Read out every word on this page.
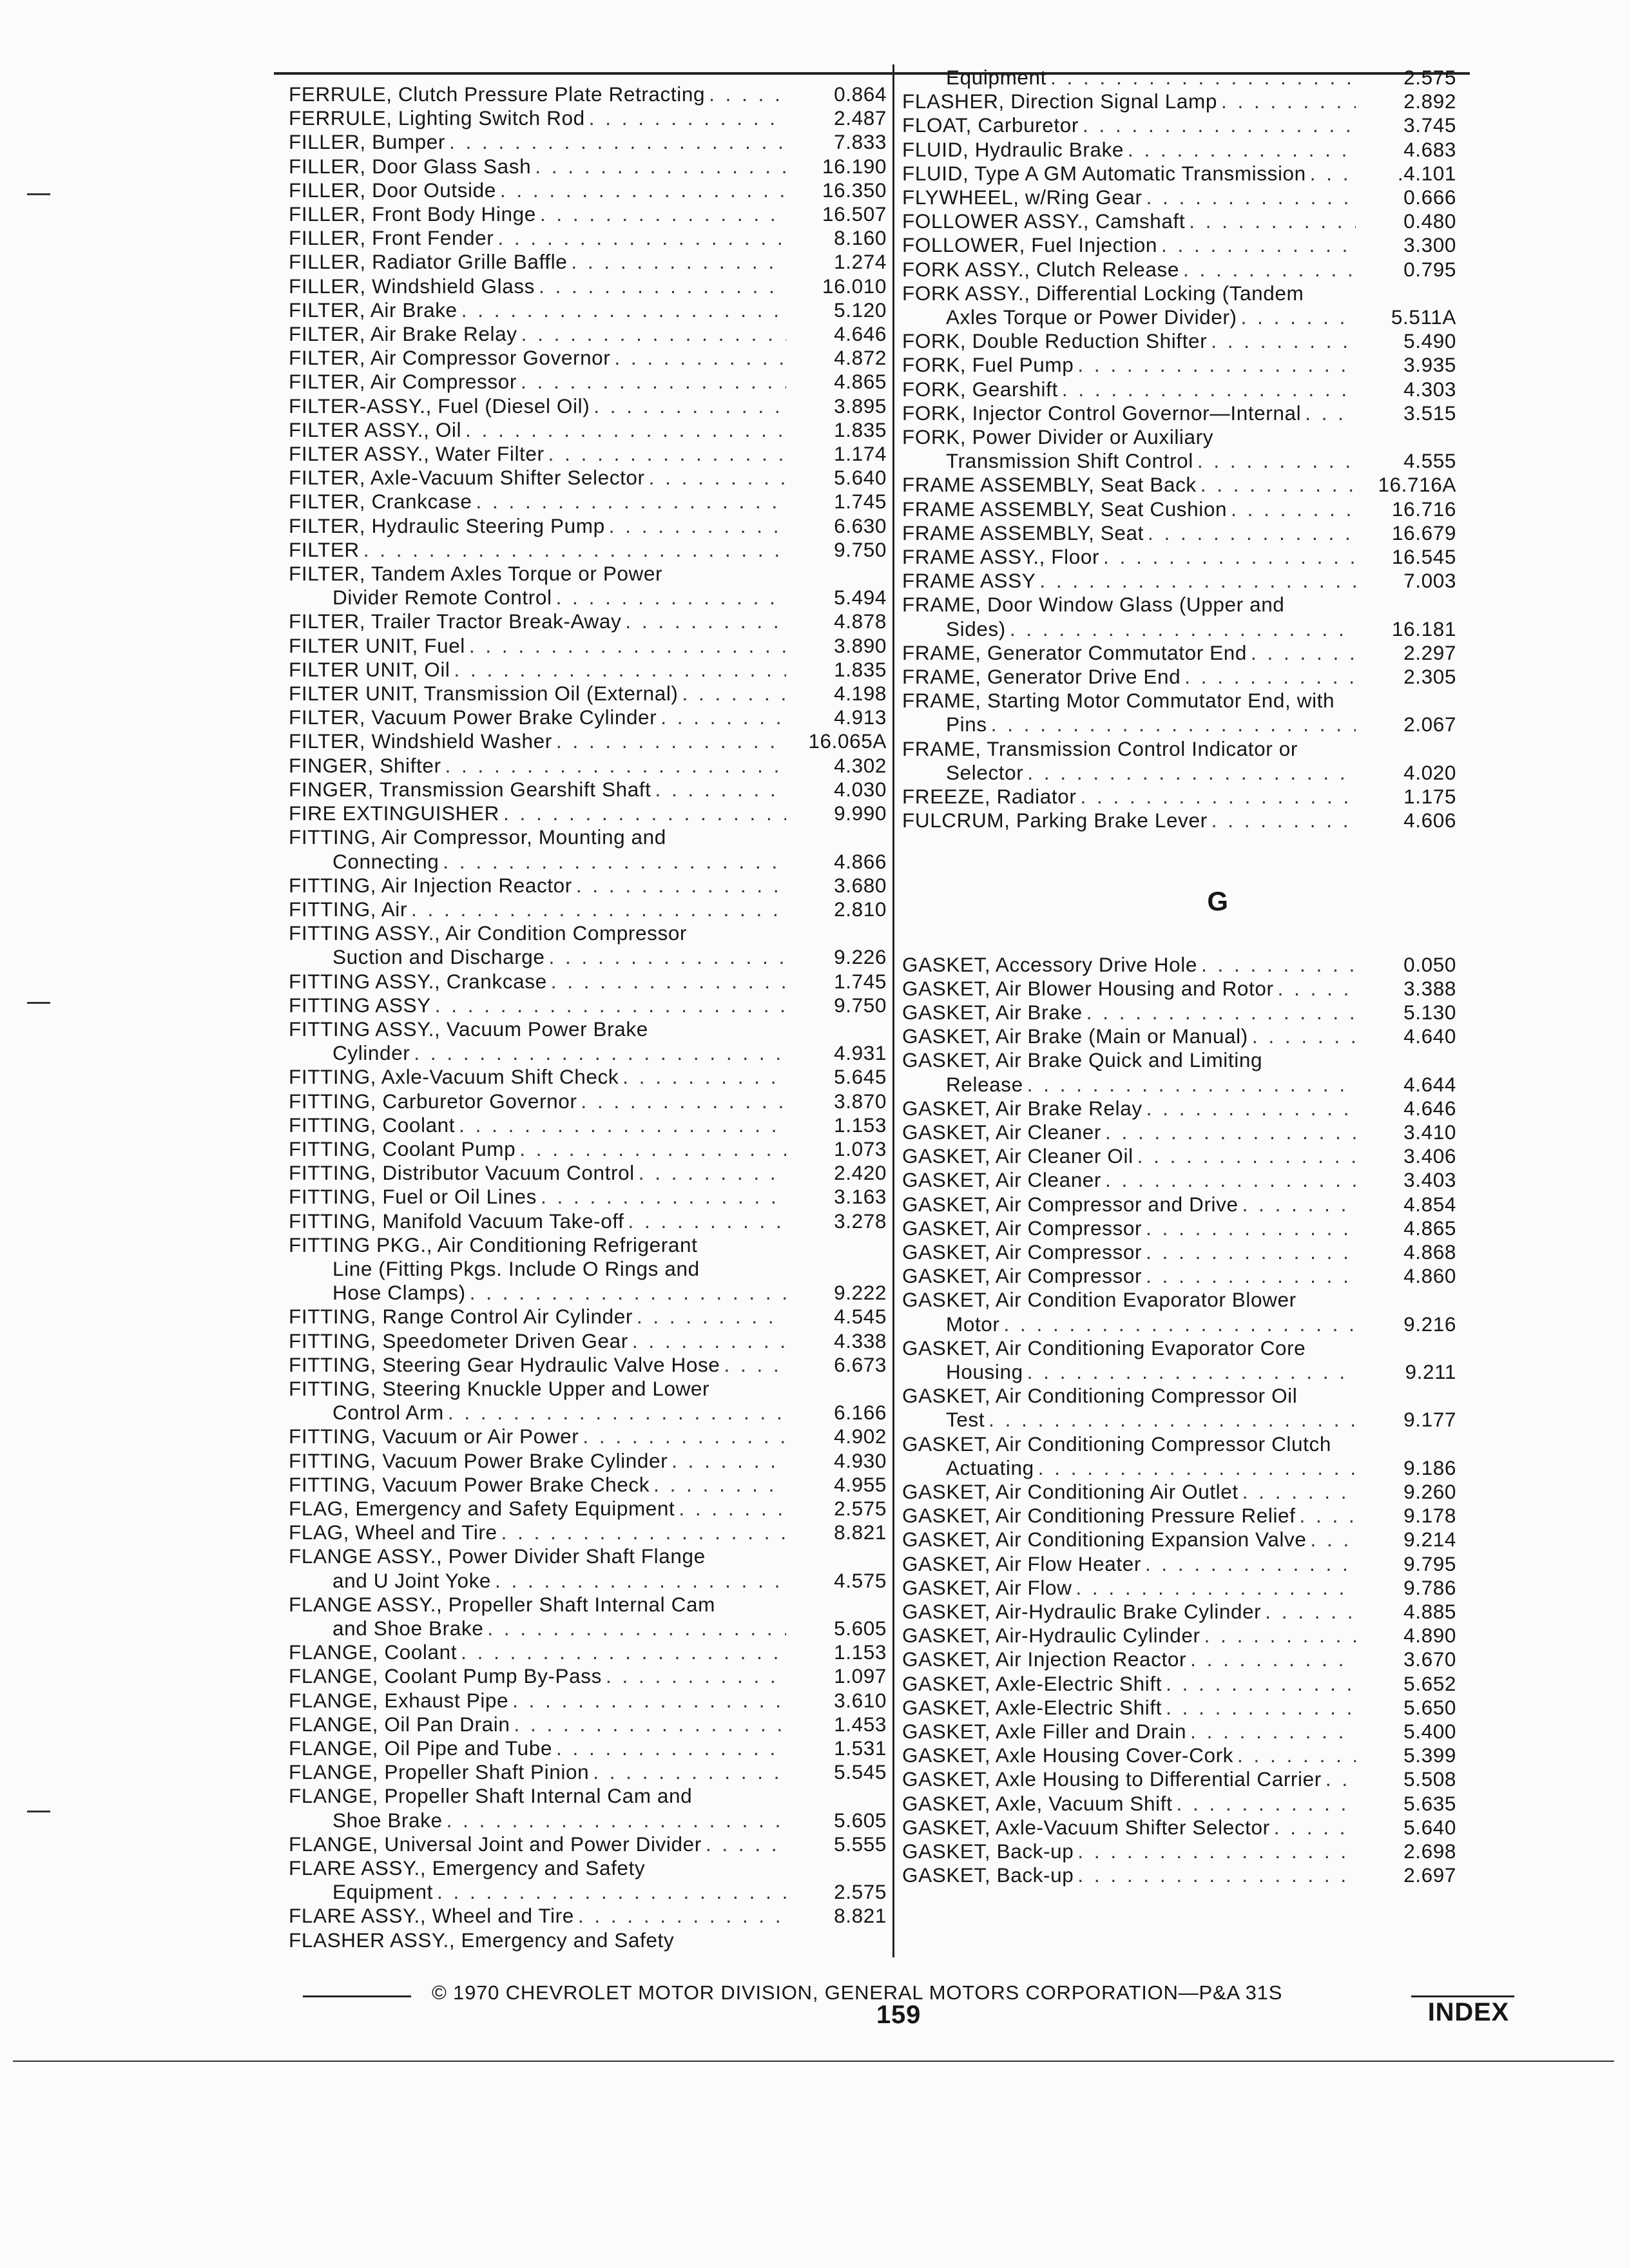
FERRULE, Clutch Pressure Plate Retracting . . .	0.864
FERRULE, Lighting Switch Rod . . .	2.487
FILLER, Bumper . . .	7.833
FILLER, Door Glass Sash . . .	16.190
FILLER, Door Outside . . .	16.350
FILLER, Front Body Hinge . . .	16.507
FILLER, Front Fender . . .	8.160
FILLER, Radiator Grille Baffle . . .	1.274
FILLER, Windshield Glass . . .	16.010
FILTER, Air Brake . . .	5.120
FILTER, Air Brake Relay . . .	4.646
FILTER, Air Compressor Governor . . .	4.872
FILTER, Air Compressor . . .	4.865
FILTER-ASSY., Fuel (Diesel Oil) . . .	3.895
FILTER ASSY., Oil . . .	1.835
FILTER ASSY., Water Filter . . .	1.174
FILTER, Axle-Vacuum Shifter Selector . . .	5.640
FILTER, Crankcase . . .	1.745
FILTER, Hydraulic Steering Pump . . .	6.630
FILTER . . .	9.750
FILTER, Tandem Axles Torque or Power
Divider Remote Control . . .	5.494
FILTER, Trailer Tractor Break-Away . . .	4.878
FILTER UNIT, Fuel . . .	3.890
FILTER UNIT, Oil . . .	1.835
FILTER UNIT, Transmission Oil (External) . . .	4.198
FILTER, Vacuum Power Brake Cylinder . . .	4.913
FILTER, Windshield Washer . . .	16.065A
FINGER, Shifter . . .	4.302
FINGER, Transmission Gearshift Shaft . . .	4.030
FIRE EXTINGUISHER . . .	9.990
FITTING, Air Compressor, Mounting and
Connecting . . .	4.866
FITTING, Air Injection Reactor . . .	3.680
FITTING, Air . . .	2.810
FITTING ASSY., Air Condition Compressor
Suction and Discharge . . .	9.226
FITTING ASSY., Crankcase . . .	1.745
FITTING ASSY . . .	9.750
FITTING ASSY., Vacuum Power Brake
Cylinder . . .	4.931
FITTING, Axle-Vacuum Shift Check . . .	5.645
FITTING, Carburetor Governor . . .	3.870
FITTING, Coolant . . .	1.153
FITTING, Coolant Pump . . .	1.073
FITTING, Distributor Vacuum Control . . .	2.420
FITTING, Fuel or Oil Lines . . .	3.163
FITTING, Manifold Vacuum Take-off . . .	3.278
FITTING PKG., Air Conditioning Refrigerant
Line (Fitting Pkgs. Include O Rings and
Hose Clamps) . . .	9.222
FITTING, Range Control Air Cylinder . . .	4.545
FITTING, Speedometer Driven Gear . . .	4.338
FITTING, Steering Gear Hydraulic Valve Hose . . .	6.673
FITTING, Steering Knuckle Upper and Lower
Control Arm . . .	6.166
FITTING, Vacuum or Air Power . . .	4.902
FITTING, Vacuum Power Brake Cylinder . . .	4.930
FITTING, Vacuum Power Brake Check . . .	4.955
FLAG, Emergency and Safety Equipment . . .	2.575
FLAG, Wheel and Tire . . .	8.821
FLANGE ASSY., Power Divider Shaft Flange
and U Joint Yoke . . .	4.575
FLANGE ASSY., Propeller Shaft Internal Cam
and Shoe Brake . . .	5.605
FLANGE, Coolant . . .	1.153
FLANGE, Coolant Pump By-Pass . . .	1.097
FLANGE, Exhaust Pipe . . .	3.610
FLANGE, Oil Pan Drain . . .	1.453
FLANGE, Oil Pipe and Tube . . .	1.531
FLANGE, Propeller Shaft Pinion . . .	5.545
FLANGE, Propeller Shaft Internal Cam and
Shoe Brake . . .	5.605
FLANGE, Universal Joint and Power Divider . . .	5.555
FLARE ASSY., Emergency and Safety
Equipment . . .	2.575
FLARE ASSY., Wheel and Tire . . .	8.821
FLASHER ASSY., Emergency and Safety
Equipment . . .	2.575
FLASHER, Direction Signal Lamp . . .	2.892
FLOAT, Carburetor . . .	3.745
FLUID, Hydraulic Brake . . .	4.683
FLUID, Type A GM Automatic Transmission . . .	.4.101
FLYWHEEL, w/Ring Gear . . .	0.666
FOLLOWER ASSY., Camshaft . . .	0.480
FOLLOWER, Fuel Injection . . .	3.300
FORK ASSY., Clutch Release . . .	0.795
FORK ASSY., Differential Locking (Tandem
Axles Torque or Power Divider) . . .	5.511A
FORK, Double Reduction Shifter . . .	5.490
FORK, Fuel Pump . . .	3.935
FORK, Gearshift . . .	4.303
FORK, Injector Control Governor—Internal . . .	3.515
FORK, Power Divider or Auxiliary
Transmission Shift Control . . .	4.555
FRAME ASSEMBLY, Seat Back . . .	16.716A
FRAME ASSEMBLY, Seat Cushion . . .	16.716
FRAME ASSEMBLY, Seat . . .	16.679
FRAME ASSY., Floor . . .	16.545
FRAME ASSY . . .	7.003
FRAME, Door Window Glass (Upper and
Sides) . . .	16.181
FRAME, Generator Commutator End . . .	2.297
FRAME, Generator Drive End . . .	2.305
FRAME, Starting Motor Commutator End, with
Pins . . .	2.067
FRAME, Transmission Control Indicator or
Selector . . .	4.020
FREEZE, Radiator . . .	1.175
FULCRUM, Parking Brake Lever . . .	4.606
G
GASKET, Accessory Drive Hole . . .	0.050
GASKET, Air Blower Housing and Rotor . . .	3.388
GASKET, Air Brake . . .	5.130
GASKET, Air Brake (Main or Manual) . . .	4.640
GASKET, Air Brake Quick and Limiting
Release . . .	4.644
GASKET, Air Brake Relay . . .	4.646
GASKET, Air Cleaner . . .	3.410
GASKET, Air Cleaner Oil . . .	3.406
GASKET, Air Cleaner . . .	3.403
GASKET, Air Compressor and Drive . . .	4.854
GASKET, Air Compressor . . .	4.865
GASKET, Air Compressor . . .	4.868
GASKET, Air Compressor . . .	4.860
GASKET, Air Condition Evaporator Blower
Motor . . .	9.216
GASKET, Air Conditioning Evaporator Core
Housing . . .	9.211
GASKET, Air Conditioning Compressor Oil
Test . . .	9.177
GASKET, Air Conditioning Compressor Clutch
Actuating . . .	9.186
GASKET, Air Conditioning Air Outlet . . .	9.260
GASKET, Air Conditioning Pressure Relief . . .	9.178
GASKET, Air Conditioning Expansion Valve . . .	9.214
GASKET, Air Flow Heater . . .	9.795
GASKET, Air Flow . . .	9.786
GASKET, Air-Hydraulic Brake Cylinder . . .	4.885
GASKET, Air-Hydraulic Cylinder . . .	4.890
GASKET, Air Injection Reactor . . .	3.670
GASKET, Axle-Electric Shift . . .	5.652
GASKET, Axle-Electric Shift . . .	5.650
GASKET, Axle Filler and Drain . . .	5.400
GASKET, Axle Housing Cover-Cork . . .	5.399
GASKET, Axle Housing to Differential Carrier . . .	5.508
GASKET, Axle, Vacuum Shift . . .	5.635
GASKET, Axle-Vacuum Shifter Selector . . .	5.640
GASKET, Back-up . . .	2.698
GASKET, Back-up . . .	2.697
© 1970 CHEVROLET MOTOR DIVISION, GENERAL MOTORS CORPORATION—P&A 31S
159	INDEX
